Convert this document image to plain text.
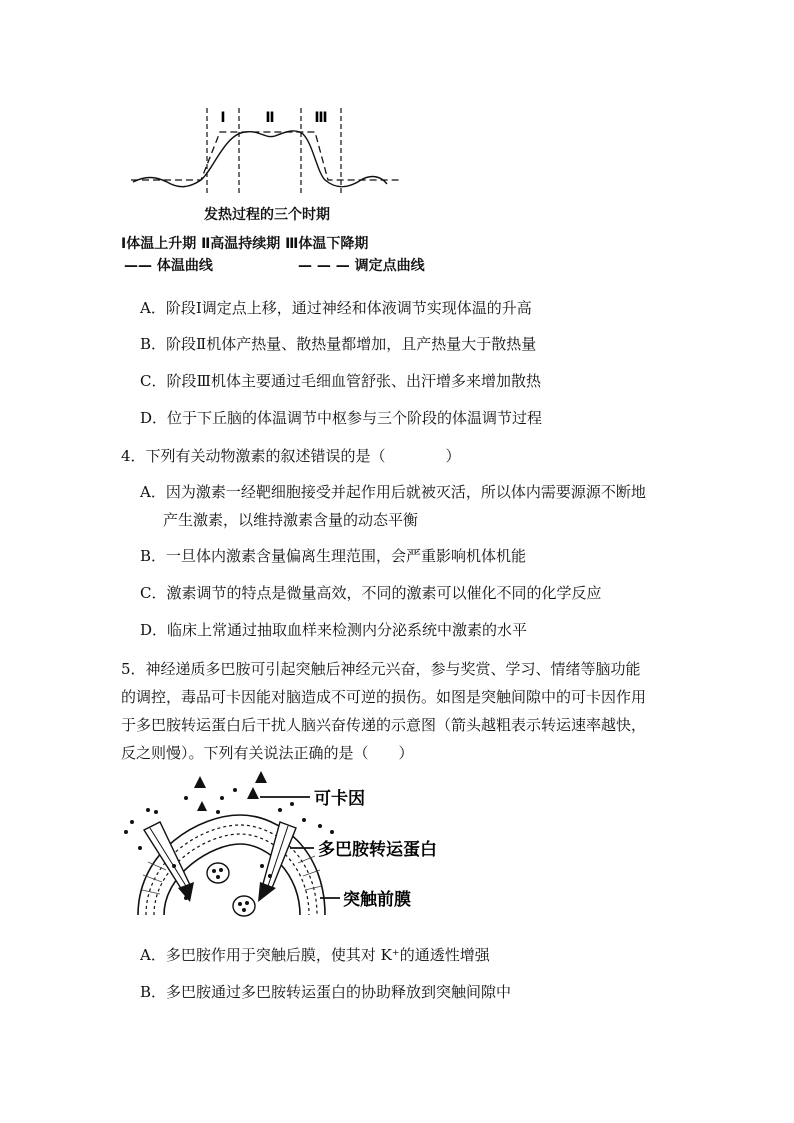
Ⅰ	Ⅱ	Ⅲ
发热过程的三个时期
Ⅰ体温上升期 Ⅱ高温持续期 Ⅲ体温下降期
—— 体温曲线	— — — 调定点曲线
A．阶段Ⅰ调定点上移，通过神经和体液调节实现体温的升高
B．阶段Ⅱ机体产热量、散热量都增加，且产热量大于散热量
C．阶段Ⅲ机体主要通过毛细血管舒张、出汗增多来增加散热
D．位于下丘脑的体温调节中枢参与三个阶段的体温调节过程
4．下列有关动物激素的叙述错误的是（　　　　）
A．因为激素一经靶细胞接受并起作用后就被灭活，所以体内需要源源不断地
产生激素，以维持激素含量的动态平衡
B．一旦体内激素含量偏离生理范围，会严重影响机体机能
C．激素调节的特点是微量高效，不同的激素可以催化不同的化学反应
D．临床上常通过抽取血样来检测内分泌系统中激素的水平
5．神经递质多巴胺可引起突触后神经元兴奋，参与奖赏、学习、情绪等脑功能
的调控，毒品可卡因能对脑造成不可逆的损伤。如图是突触间隙中的可卡因作用
于多巴胺转运蛋白后干扰人脑兴奋传递的示意图（箭头越粗表示转运速率越快，
反之则慢）。下列有关说法正确的是（　　）
可卡因
多巴胺转运蛋白
突触前膜
A．多巴胺作用于突触后膜，使其对 K⁺的通透性增强
B．多巴胺通过多巴胺转运蛋白的协助释放到突触间隙中
